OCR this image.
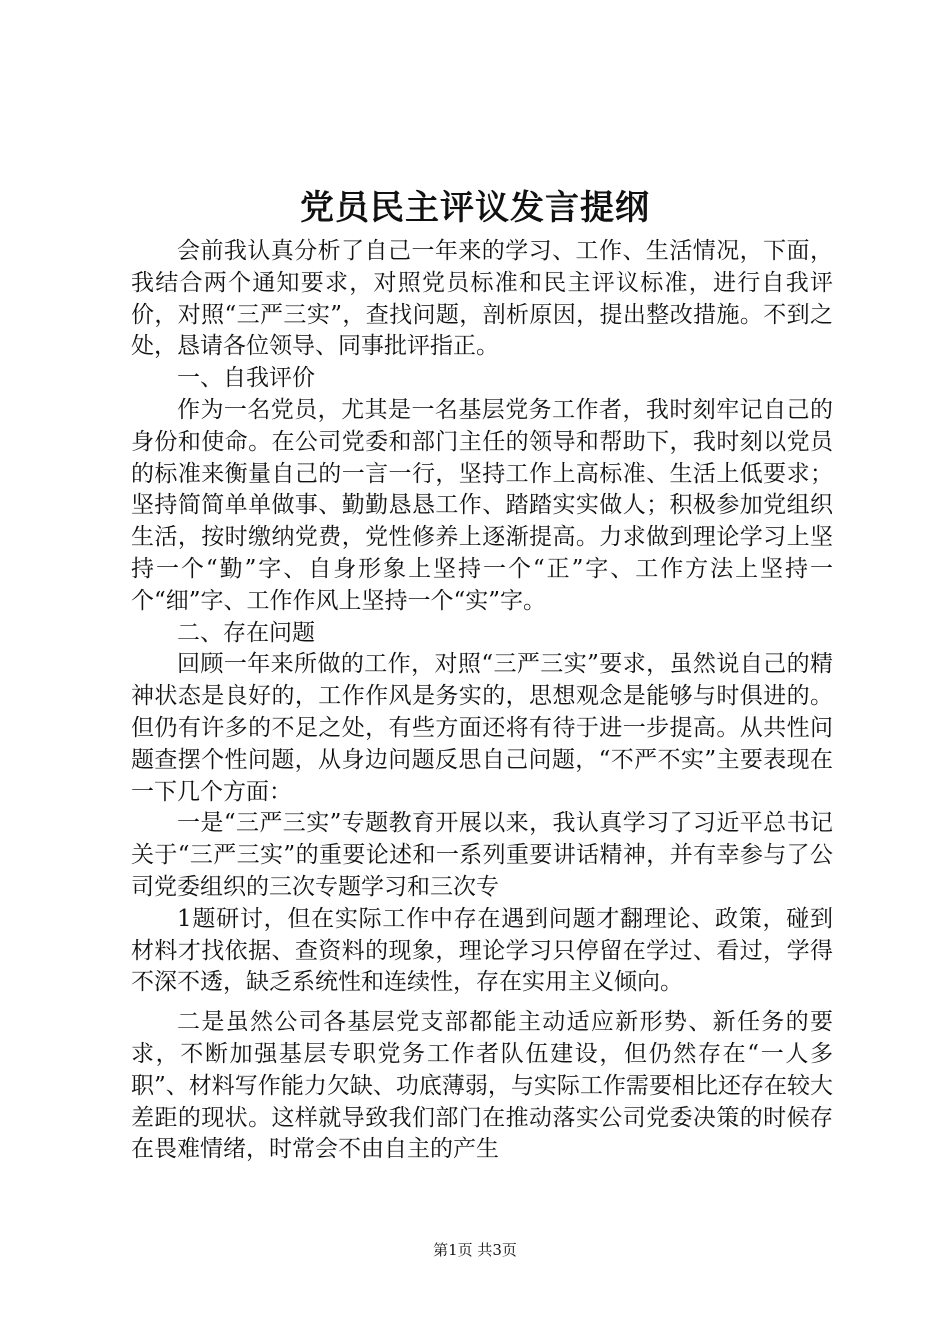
党员民主评议发言提纲

会前我认真分析了自己一年来的学习、工作、生活情况，下面，我结合两个通知要求，对照党员标准和民主评议标准，进行自我评价，对照“三严三实”，查找问题，剖析原因，提出整改措施。不到之处，恳请各位领导、同事批评指正。

一、自我评价

作为一名党员，尤其是一名基层党务工作者，我时刻牢记自己的身份和使命。在公司党委和部门主任的领导和帮助下，我时刻以党员的标准来衡量自己的一言一行，坚持工作上高标准、生活上低要求；坚持简简单单做事、勤勤恳恳工作、踏踏实实做人；积极参加党组织生活，按时缴纳党费，党性修养上逐渐提高。力求做到理论学习上坚持一个“勤”字、自身形象上坚持一个“正”字、工作方法上坚持一个“细”字、工作作风上坚持一个“实”字。

二、存在问题

回顾一年来所做的工作，对照“三严三实”要求，虽然说自己的精神状态是良好的，工作作风是务实的，思想观念是能够与时俱进的。但仍有许多的不足之处，有些方面还将有待于进一步提高。从共性问题查摆个性问题，从身边问题反思自己问题，“不严不实”主要表现在一下几个方面：

一是“三严三实”专题教育开展以来，我认真学习了习近平总书记关于“三严三实”的重要论述和一系列重要讲话精神，并有幸参与了公司党委组织的三次专题学习和三次专

1题研讨，但在实际工作中存在遇到问题才翻理论、政策，碰到材料才找依据、查资料的现象，理论学习只停留在学过、看过，学得不深不透，缺乏系统性和连续性，存在实用主义倾向。

二是虽然公司各基层党支部都能主动适应新形势、新任务的要求，不断加强基层专职党务工作者队伍建设，但仍然存在“一人多职”、材料写作能力欠缺、功底薄弱，与实际工作需要相比还存在较大差距的现状。这样就导致我们部门在推动落实公司党委决策的时候存在畏难情绪，时常会不由自主的产生

第1页 共3页
